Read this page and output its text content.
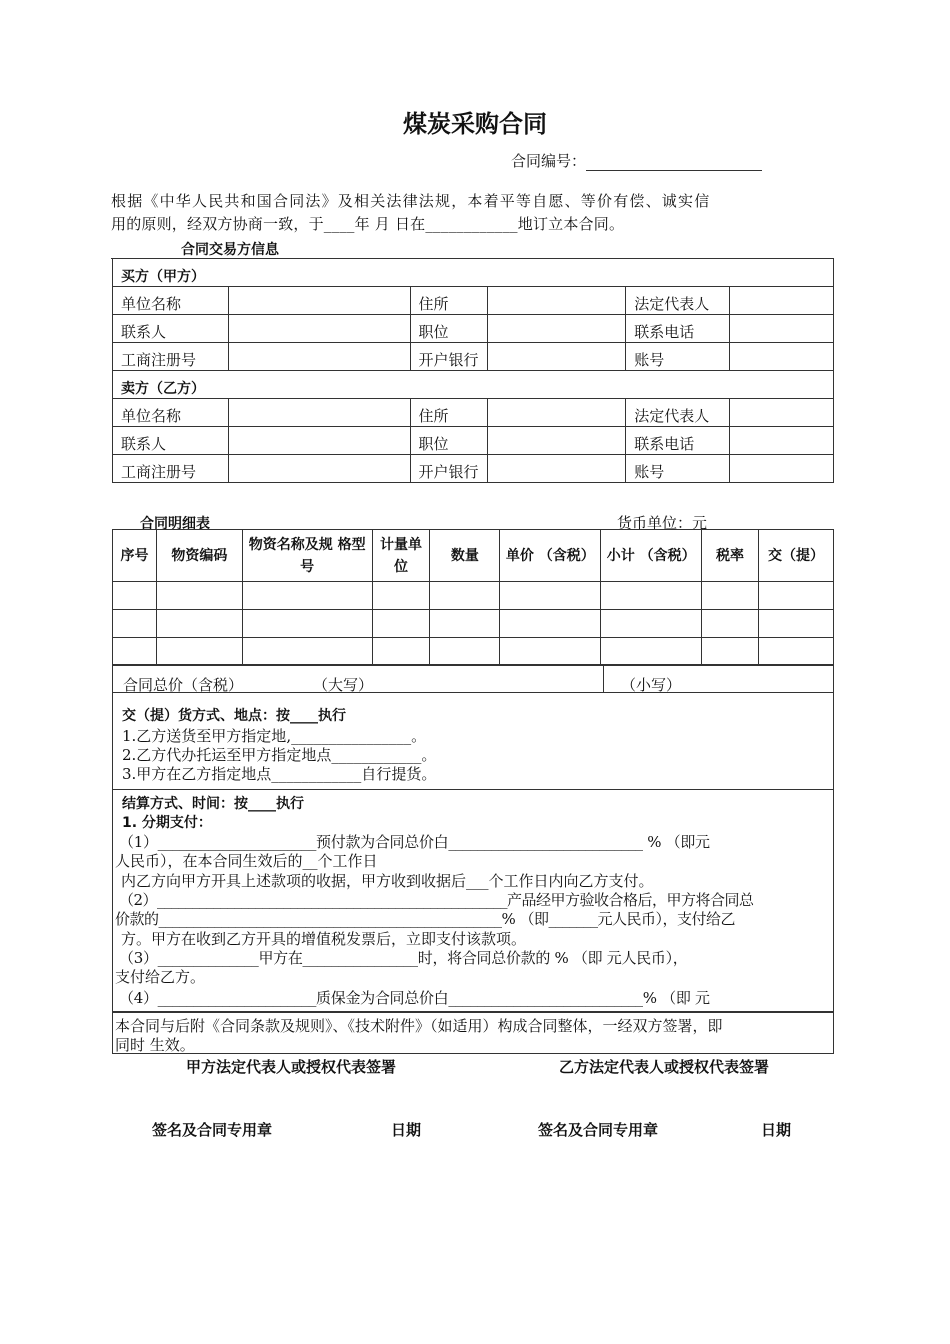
煤炭采购合同
合同编号：
根据《中华人民共和国合同法》及相关法律法规，本着平等自愿、等价有偿、诚实信
用的原则，经双方协商一致，于____年 月 日在____________地订立本合同。
合同交易方信息
买方（甲方）					
单位名称		住所		法定代表人	
联系人		职位		联系电话	
工商注册号		开户银行		账号	
卖方（乙方）					
单位名称		住所		法定代表人	
联系人		职位		联系电话	
工商注册号		开户银行		账号	
合同明细表	货币单位：元
序号	物资编码	物资名称及规 格型号	计量单位	数量	单价 （含税）	小计 （含税）	税率	交（提）

合同总价（含税）	（大写）	（小写）
交（提）货方式、地点：按____执行
1.乙方送货至甲方指定地,________________。
2.乙方代办托运至甲方指定地点____________。
3.甲方在乙方指定地点____________自行提货。
结算方式、时间：按____执行
1. 分期支付：
（1）______________________预付款为合同总价白___________________________ % （即元
人民币），在本合同生效后的__个工作日
内乙方向甲方开具上述款项的收据，甲方收到收据后___个工作日内向乙方支付。
（2）__________________________________________________产品经甲方验收合格后，甲方将合同总
价款的_________________________________________________% （即_______元人民币），支付给乙
方。甲方在收到乙方开具的增值税发票后，立即支付该款项。
（3）______________甲方在________________时，将合同总价款的 % （即 元人民币），
支付给乙方。
（4）______________________质保金为合同总价白___________________________% （即 元
本合同与后附《合同条款及规则》、《技术附件》（如适用）构成合同整体，一经双方签署，即
同时 生效。
甲方法定代表人或授权代表签署	乙方法定代表人或授权代表签署
签名及合同专用章	日期	签名及合同专用章	日期
